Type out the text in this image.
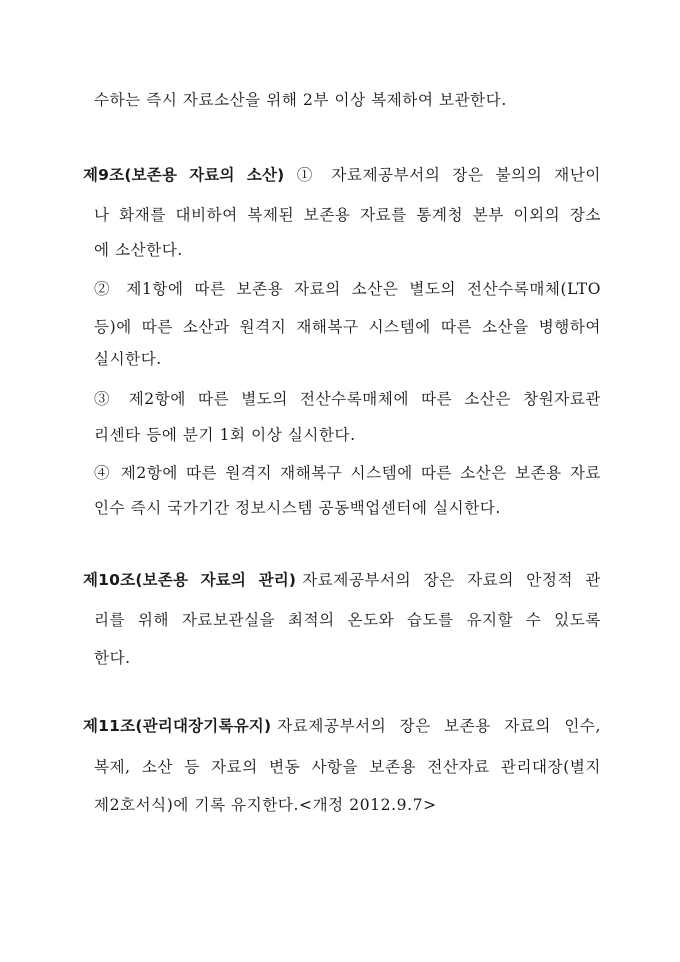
수하는 즉시 자료소산을 위해 2부 이상 복제하여 보관한다.
제9조(보존용 자료의 소산) ① 자료제공부서의 장은 불의의 재난이
나 화재를 대비하여 복제된 보존용 자료를 통계청 본부 이외의 장소
에 소산한다.
② 제1항에 따른 보존용 자료의 소산은 별도의 전산수록매체(LTO
등)에 따른 소산과 원격지 재해복구 시스템에 따른 소산을 병행하여
실시한다.
③ 제2항에 따른 별도의 전산수록매체에 따른 소산은 창원자료관
리센타 등에 분기 1회 이상 실시한다.
④ 제2항에 따른 원격지 재해복구 시스템에 따른 소산은 보존용 자료
인수 즉시 국가기간 정보시스템 공동백업센터에 실시한다.
제10조(보존용 자료의 관리) 자료제공부서의 장은 자료의 안정적 관
리를 위해 자료보관실을 최적의 온도와 습도를 유지할 수 있도록
한다.
제11조(관리대장기록유지) 자료제공부서의 장은 보존용 자료의 인수,
복제, 소산 등 자료의 변동 사항을 보존용 전산자료 관리대장(별지
제2호서식)에 기록 유지한다.<개정 2012.9.7>
